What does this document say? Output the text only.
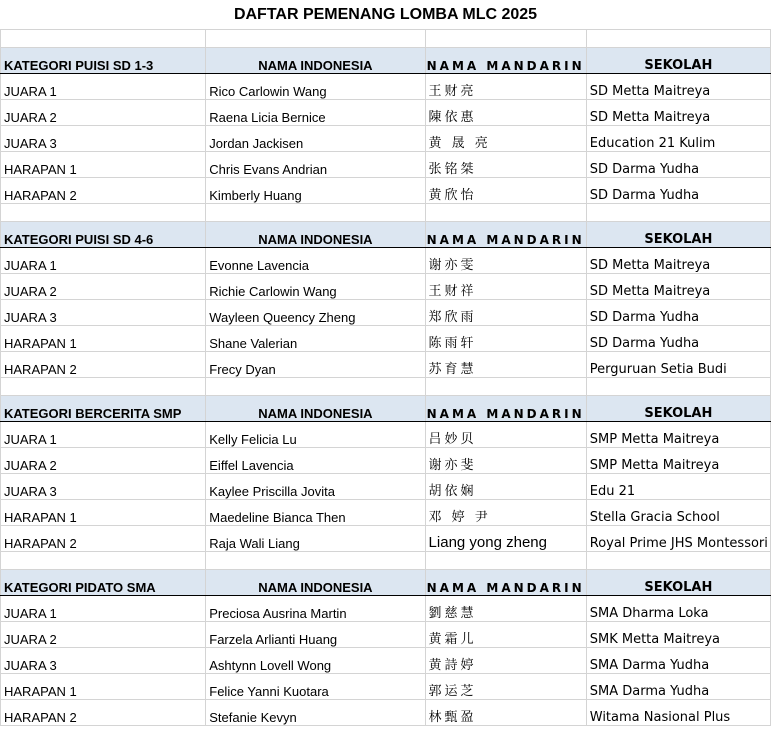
DAFTAR PEMENANG LOMBA MLC 2025

KATEGORI PUISI SD 1-3	NAMA INDONESIA	NAMA MANDARIN	SEKOLAH
JUARA 1	Rico Carlowin Wang	王财亮	SD Metta Maitreya
JUARA 2	Raena Licia Bernice	陳依惠	SD Metta Maitreya
JUARA 3	Jordan Jackisen	黄 晟 亮	Education 21 Kulim
HARAPAN 1	Chris Evans Andrian	张铭桀	SD Darma Yudha
HARAPAN 2	Kimberly Huang	黄欣怡	SD Darma Yudha

KATEGORI PUISI SD 4-6	NAMA INDONESIA	NAMA MANDARIN	SEKOLAH
JUARA 1	Evonne Lavencia	谢亦雯	SD Metta Maitreya
JUARA 2	Richie Carlowin Wang	王财祥	SD Metta Maitreya
JUARA 3	Wayleen Queency Zheng	郑欣雨	SD Darma Yudha
HARAPAN 1	Shane Valerian	陈雨轩	SD Darma Yudha
HARAPAN 2	Frecy Dyan	苏育慧	Perguruan Setia Budi

KATEGORI BERCERITA SMP	NAMA INDONESIA	NAMA MANDARIN	SEKOLAH
JUARA 1	Kelly Felicia Lu	吕妙贝	SMP Metta Maitreya
JUARA 2	Eiffel Lavencia	谢亦斐	SMP Metta Maitreya
JUARA 3	Kaylee Priscilla Jovita	胡依娴	Edu 21
HARAPAN 1	Maedeline Bianca Then	邓 婷 尹	Stella Gracia School
HARAPAN 2	Raja Wali Liang	Liang yong zheng	Royal Prime JHS Montessori

KATEGORI PIDATO SMA	NAMA INDONESIA	NAMA MANDARIN	SEKOLAH
JUARA 1	Preciosa Ausrina Martin	劉慈慧	SMA Dharma Loka
JUARA 2	Farzela Arlianti Huang	黄霜儿	SMK Metta Maitreya
JUARA 3	Ashtynn Lovell Wong	黄詩婷	SMA Darma Yudha
HARAPAN 1	Felice Yanni Kuotara	郭运芝	SMA Darma Yudha
HARAPAN 2	Stefanie Kevyn	林甄盈	Witama Nasional Plus
